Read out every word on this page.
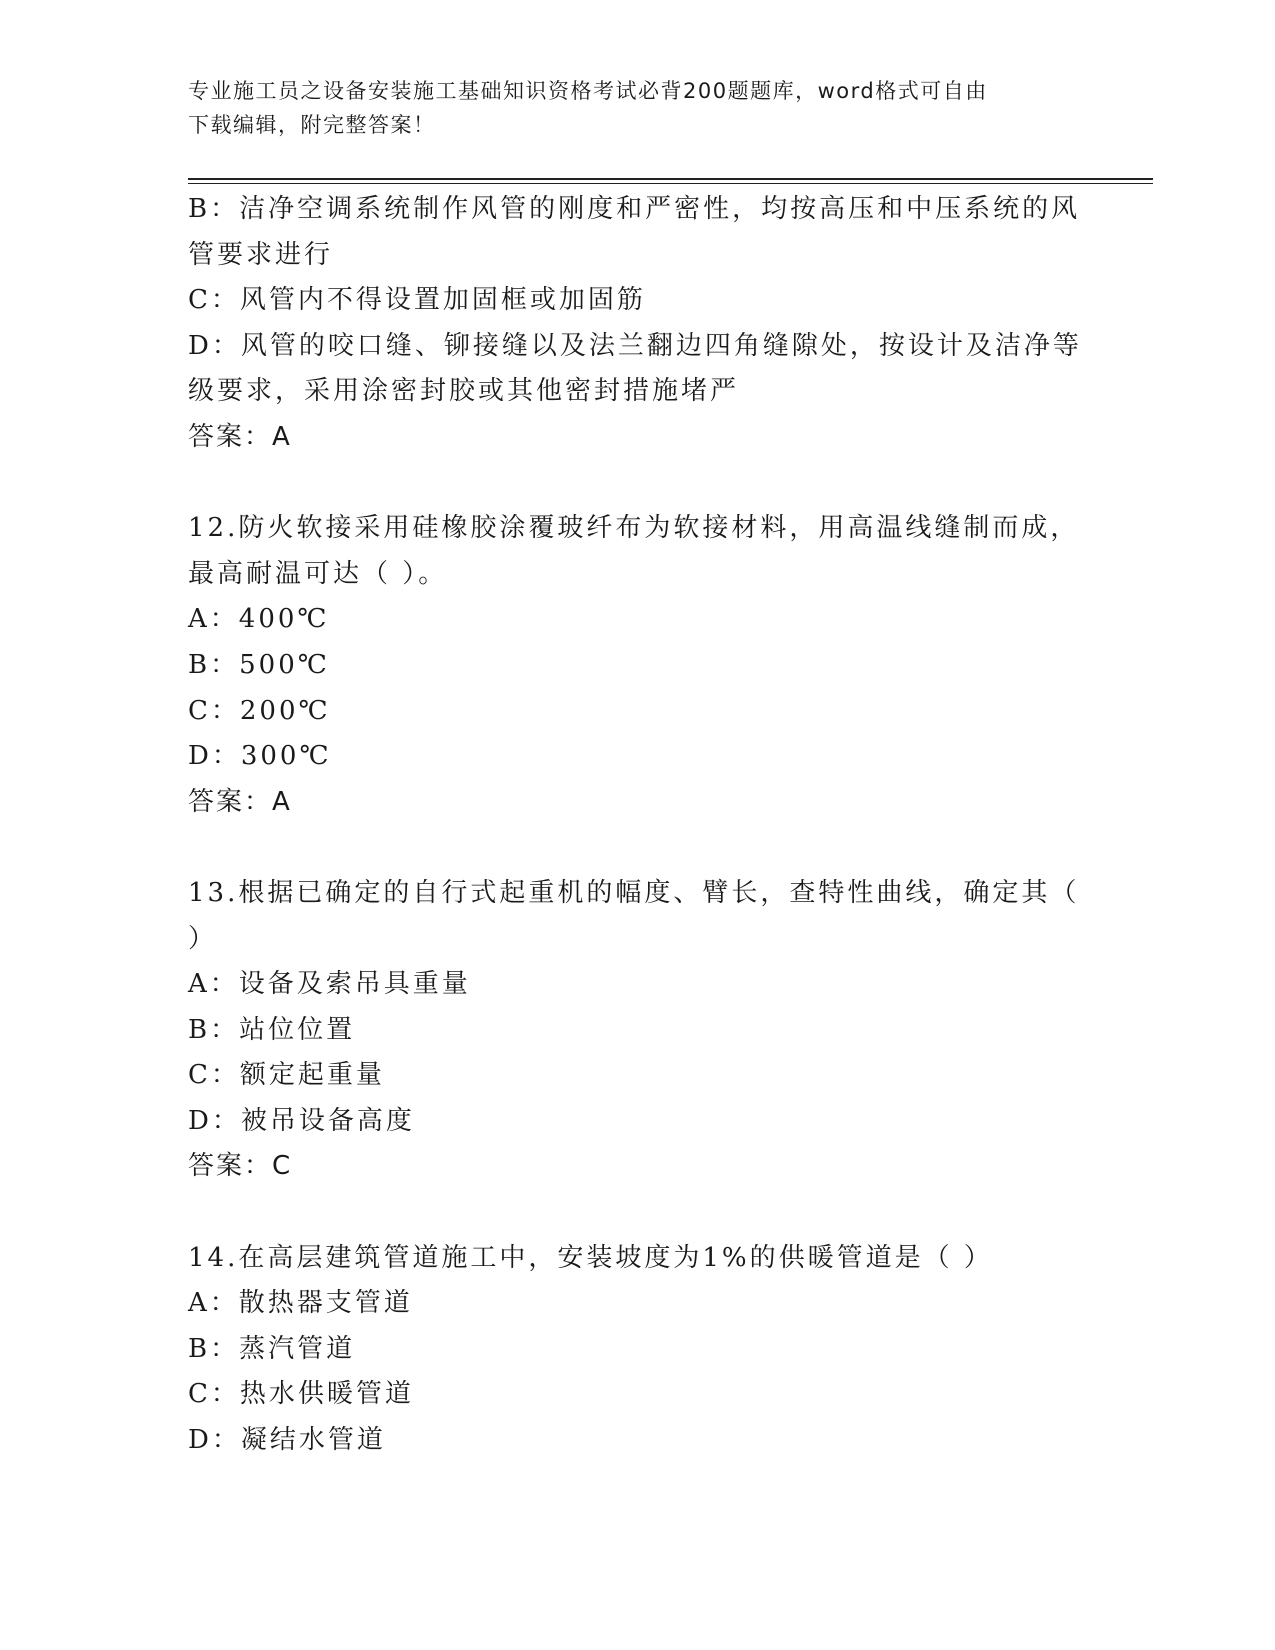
专业施工员之设备安装施工基础知识资格考试必背200题题库，word格式可自由
下载编辑，附完整答案！
B：洁净空调系统制作风管的刚度和严密性，均按高压和中压系统的风
管要求进行
C：风管内不得设置加固框或加固筋
D：风管的咬口缝、铆接缝以及法兰翻边四角缝隙处，按设计及洁净等
级要求，采用涂密封胶或其他密封措施堵严
答案：A
12.防火软接采用硅橡胶涂覆玻纤布为软接材料，用高温线缝制而成，
最高耐温可达（ ）。
A：400℃
B：500℃
C：200℃
D：300℃
答案：A
13.根据已确定的自行式起重机的幅度、臂长，查特性曲线，确定其（
）
A：设备及索吊具重量
B：站位位置
C：额定起重量
D：被吊设备高度
答案：C
14.在高层建筑管道施工中，安装坡度为1%的供暖管道是（ ）
A：散热器支管道
B：蒸汽管道
C：热水供暖管道
D：凝结水管道
